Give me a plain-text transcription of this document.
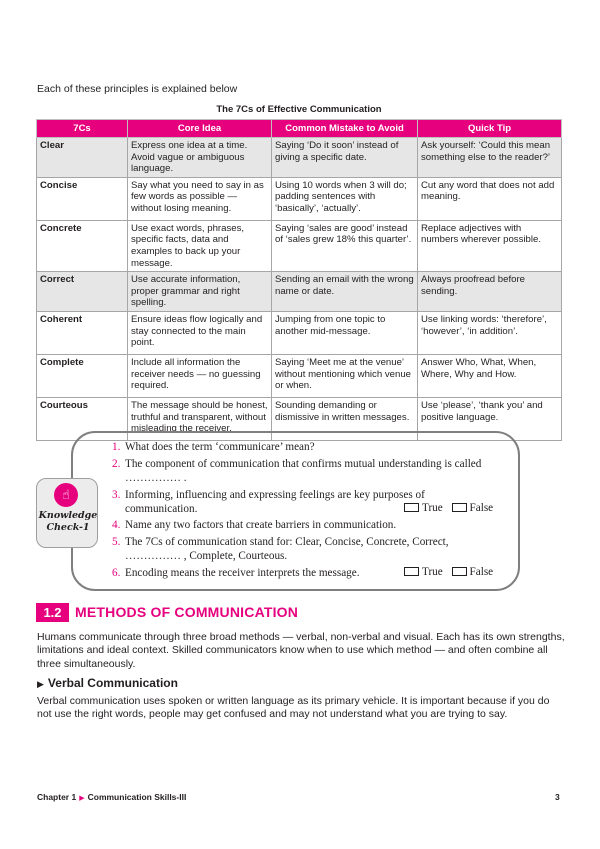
Each of these principles is explained below
The 7Cs of Effective Communication
7Cs	Core Idea	Common Mistake to Avoid	Quick Tip
Clear	Express one idea at a time. Avoid vague or ambiguous language.	Saying ‘Do it soon’ instead of giving a specific date.	Ask yourself: ‘Could this mean something else to the reader?’
Concise	Say what you need to say in as few words as possible — without losing meaning.	Using 10 words when 3 will do; padding sentences with ‘basically’, ‘actually’.	Cut any word that does not add meaning.
Concrete	Use exact words, phrases, specific facts, data and examples to back up your message.	Saying ‘sales are good’ instead of ‘sales grew 18% this quarter’.	Replace adjectives with numbers wherever possible.
Correct	Use accurate information, proper grammar and right spelling.	Sending an email with the wrong name or date.	Always proofread before sending.
Coherent	Ensure ideas flow logically and stay connected to the main point.	Jumping from one topic to another mid-message.	Use linking words: ‘therefore’, ‘however’, ‘in addition’.
Complete	Include all information the receiver needs — no guessing required.	Saying ‘Meet me at the venue’ without mentioning which venue or when.	Answer Who, What, When, Where, Why and How.
Courteous	The message should be honest, truthful and transparent, without misleading the receiver.	Sounding demanding or dismissive in written messages.	Use ‘please’, ‘thank you’ and positive language.
☝
Knowledge
Check-1
1. What does the term ‘communicare’ mean?
2. The component of communication that confirms mutual understanding is called …………… .
3. Informing, influencing and expressing feelings are key purposes of communication.	True False
4. Name any two factors that create barriers in communication.
5. The 7Cs of communication stand for: Clear, Concise, Concrete, Correct, …………… , Complete, Courteous.
6. Encoding means the receiver interprets the message.	True False
1.2 METHODS OF COMMUNICATION
Humans communicate through three broad methods — verbal, non-verbal and visual. Each has its own strengths, limitations and ideal context. Skilled communicators know when to use which method — and often combine all three simultaneously.
▶ Verbal Communication
Verbal communication uses spoken or written language as its primary vehicle. It is important because if you do not use the right words, people may get confused and may not understand what you are trying to say.
Chapter 1 ▶ Communication Skills-III	3
